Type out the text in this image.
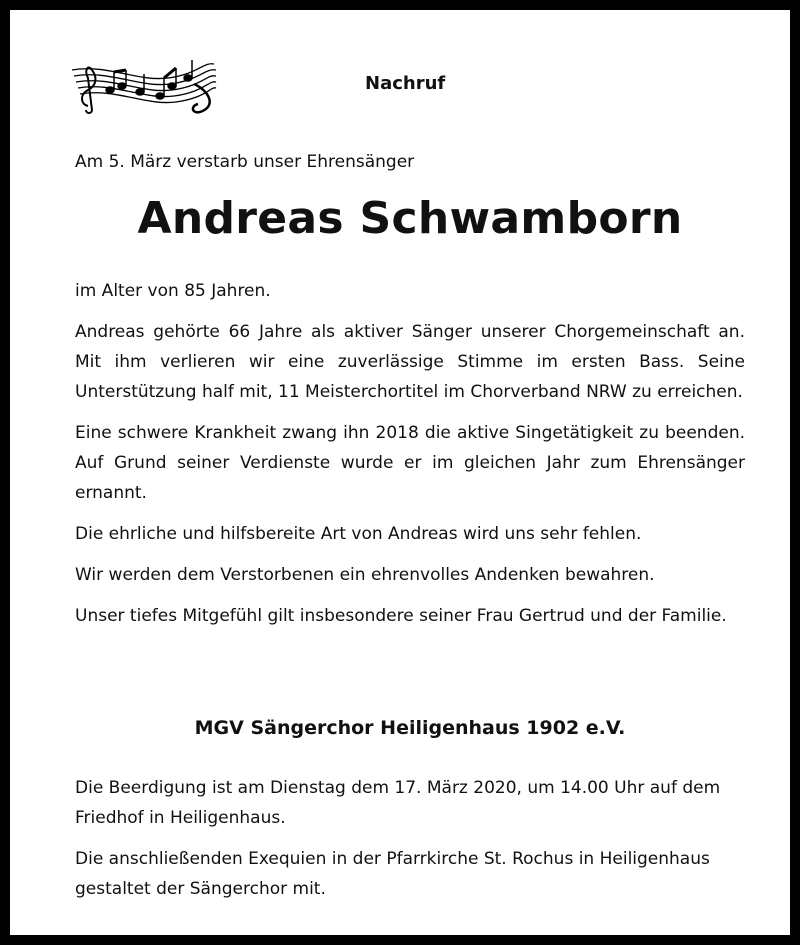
Nachruf
Am 5. März verstarb unser Ehrensänger
Andreas Schwamborn

im Alter von 85 Jahren.

Andreas gehörte 66 Jahre als aktiver Sänger unserer Chorgemeinschaft an. Mit ihm verlieren wir eine zuverlässige Stimme im ersten Bass. Seine Unterstützung half mit, 11 Meisterchortitel im Chorverband NRW zu erreichen.

Eine schwere Krankheit zwang ihn 2018 die aktive Singetätigkeit zu beenden. Auf Grund seiner Verdienste wurde er im gleichen Jahr zum Ehrensänger ernannt.

Die ehrliche und hilfsbereite Art von Andreas wird uns sehr fehlen.

Wir werden dem Verstorbenen ein ehrenvolles Andenken bewahren.

Unser tiefes Mitgefühl gilt insbesondere seiner Frau Gertrud und der Familie.

MGV Sängerchor Heiligenhaus 1902 e.V.

Die Beerdigung ist am Dienstag dem 17. März 2020, um 14.00 Uhr auf dem Friedhof in Heiligenhaus.

Die anschließenden Exequien in der Pfarrkirche St. Rochus in Heiligenhaus gestaltet der Sängerchor mit.
